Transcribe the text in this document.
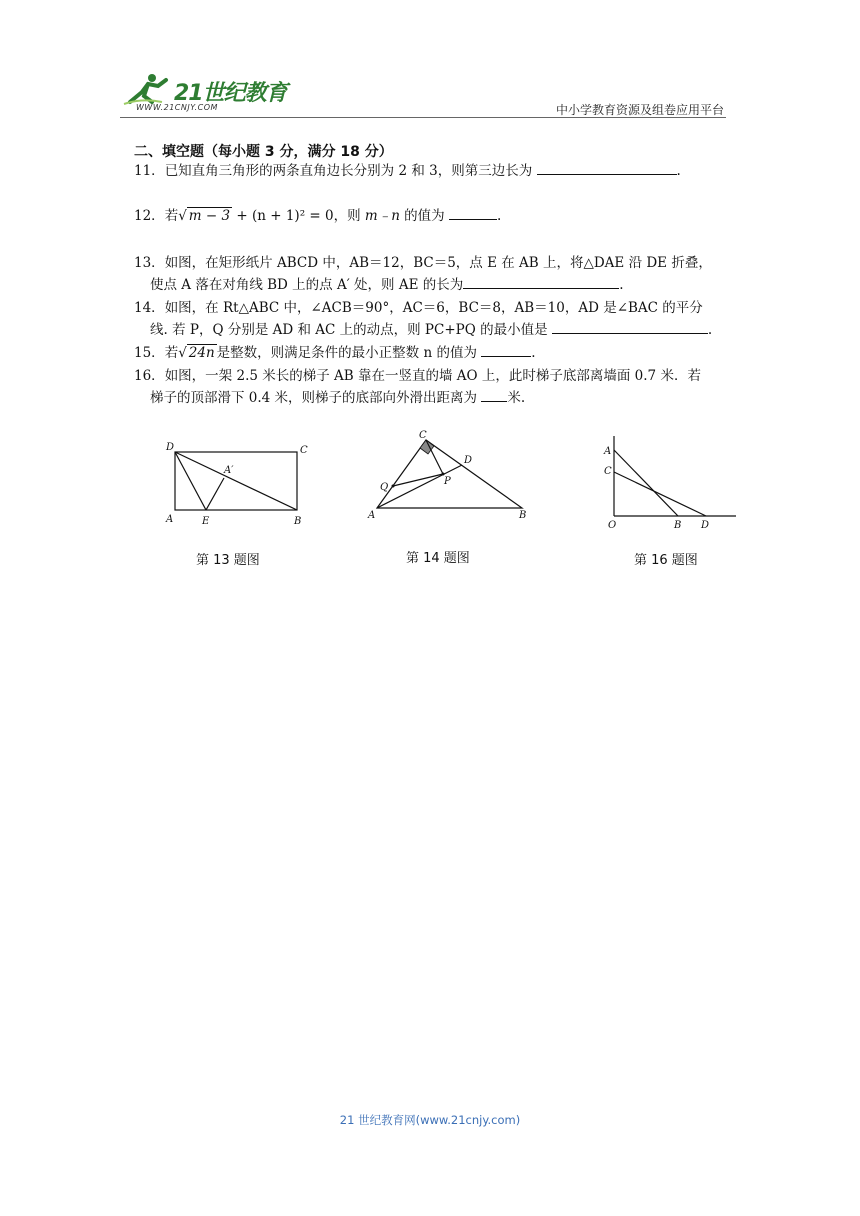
21世纪教育
WWW.21CNJY.COM	中小学教育资源及组卷应用平台
二、填空题（每小题 3 分，满分 18 分）
11．已知直角三角形的两条直角边长分别为 2 和 3，则第三边长为	.
12．若√ m − 3 + (n + 1)² = 0，则 m﹣n 的值为	.
13．如图，在矩形纸片 ABCD 中，AB＝12，BC＝5，点 E 在 AB 上，将△DAE 沿 DE 折叠，
使点 A 落在对角线 BD 上的点 A′ 处，则 AE 的长为	.
14．如图，在 Rt△ABC 中，∠ACB＝90°，AC＝6，BC＝8，AB＝10，AD 是∠BAC 的平分
线. 若 P，Q 分别是 AD 和 AC 上的动点，则 PC+PQ 的最小值是	.
15．若√ 24n 是整数，则满足条件的最小正整数 n 的值为	.
16．如图，一架 2.5 米长的梯子 AB 靠在一竖直的墙 AO 上，此时梯子底部离墙面 0.7 米．若
梯子的顶部滑下 0.4 米，则梯子的底部向外滑出距离为 米.
D	C
A′
A	E	B
第 13 题图
C
D
Q
P
A	B
第 14 题图
A
C
O	B D
第 16 题图
21 世纪教育网(www.21cnjy.com)
